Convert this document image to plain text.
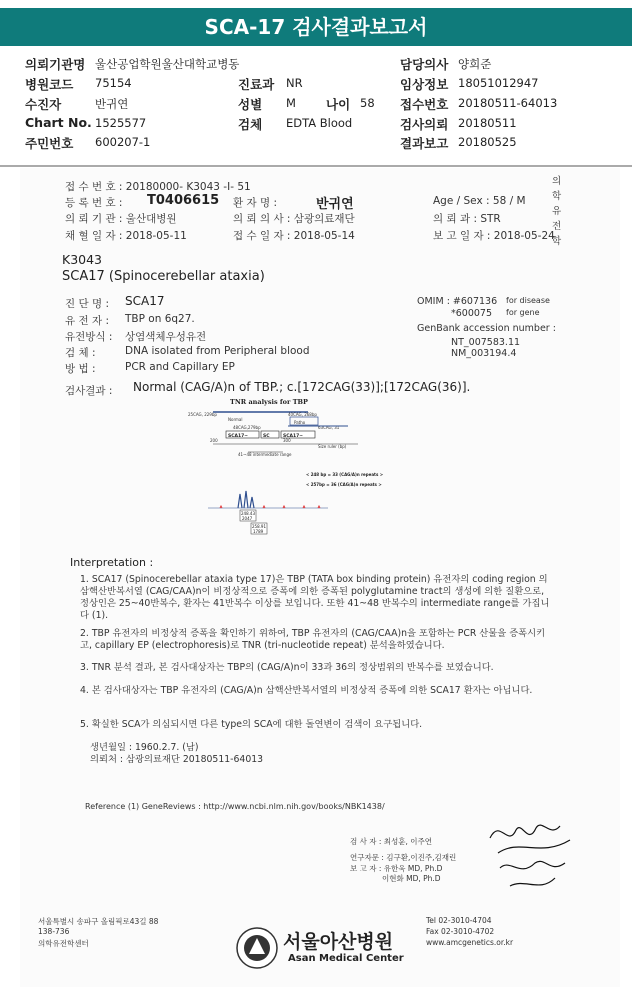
SCA-17 검사결과보고서
의뢰기관명 울산공업학원울산대학교병동
병원코드 75154
수진자	반귀연
Chart No. 1525577
주민번호 600207-1
진료과 NR
성별 M 나이 58
검체 EDTA Blood
담당의사 양희준
임상정보 18051012947
접수번호 20180511-64013
검사의뢰 20180511
결과보고 20180525
접 수 번 호 : 20180000- K3043 -I- 51
등 록 번 호 : T0406615 환 자 명 :	반귀연	Age / Sex : 58 / M
의 뢰 기 관 : 울산대병원	의 뢰 의 사 : 삼광의료재단	의 뢰 과 : STR
채 혈 일 자 : 2018-05-11	접 수 일 자 : 2018-05-14	보 고 일 자 : 2018-05-24
의
학
유
전
학
K3043
SCA17 (Spinocerebellar ataxia)
진 단 명 : SCA17
유 전 자 : TBP on 6q27.
유전방식 : 상염색체우성유전
검 체 :	DNA isolated from Peripheral blood
방 법 :	PCR and Capillary EP
OMIM : #607136 for disease
*600075 for gene
GenBank accession number :
NT_007583.11
NM_003194.4
검사결과 : Normal (CAG/A)n of TBP.; c.[172CAG(33)];[172CAG(36)].
TNR analysis for TBP
25CAG, 229bp	40CAG, 268bp
Normal
Patho
48CAG,279bp	63CAG, 31
SCA17~	SC	SCA17~
200	300
Size ruler (bp)
41~48 intermediate range
< 248 bp = 33 (CAG/A)n repeats >
< 257bp = 36 (CAG/A)n repeats >
248.43
2047
258.91
1789
Interpretation :
1. SCA17 (Spinocerebellar ataxia type 17)은 TBP (TATA box binding protein) 유전자의 coding region 의 삼핵산반복서열 (CAG/CAA)n이 비정상적으로 증폭에 의한 증폭된 polyglutamine tract의 생성에 의한 질환으로, 정상인은 25~40반복수, 환자는 41반복수 이상를 보입니다. 또한 41~48 반복수의 intermediate range를 가집니다 (1).
2. TBP 유전자의 비정상적 증폭을 확인하기 위하여, TBP 유전자의 (CAG/CAA)n을 포함하는 PCR 산물을 증폭시키고, capillary EP (electrophoresis)로 TNR (tri-nucleotide repeat) 분석을하였습니다.
3. TNR 분석 결과, 본 검사대상자는 TBP의 (CAG/A)n이 33과 36의 정상범위의 반복수를 보였습니다.
4. 본 검사대상자는 TBP 유전자의 (CAG/A)n 삼핵산반복서열의 비정상적 증폭에 의한 SCA17 환자는 아닙니다.
5. 확실한 SCA가 의심되시면 다른 type의 SCA에 대한 돌연변이 검색이 요구됩니다.
생년월일 : 1960.2.7. (남)
의뢰처 : 삼광의료재단 20180511-64013
Reference (1) GeneReviews : http://www.ncbi.nlm.nih.gov/books/NBK1438/
검 사 자 : 최성훈, 이주연
연구자문 : 김구환,이진주,김재린
보 고 자 : 유한욱 MD, Ph.D
이현화 MD, Ph.D
서울특별시 송파구 올림픽로43길 88
138-736
의학유전학센터	서울아산병원
Asan Medical Center
Tel 02-3010-4704
Fax 02-3010-4702
www.amcgenetics.or.kr
